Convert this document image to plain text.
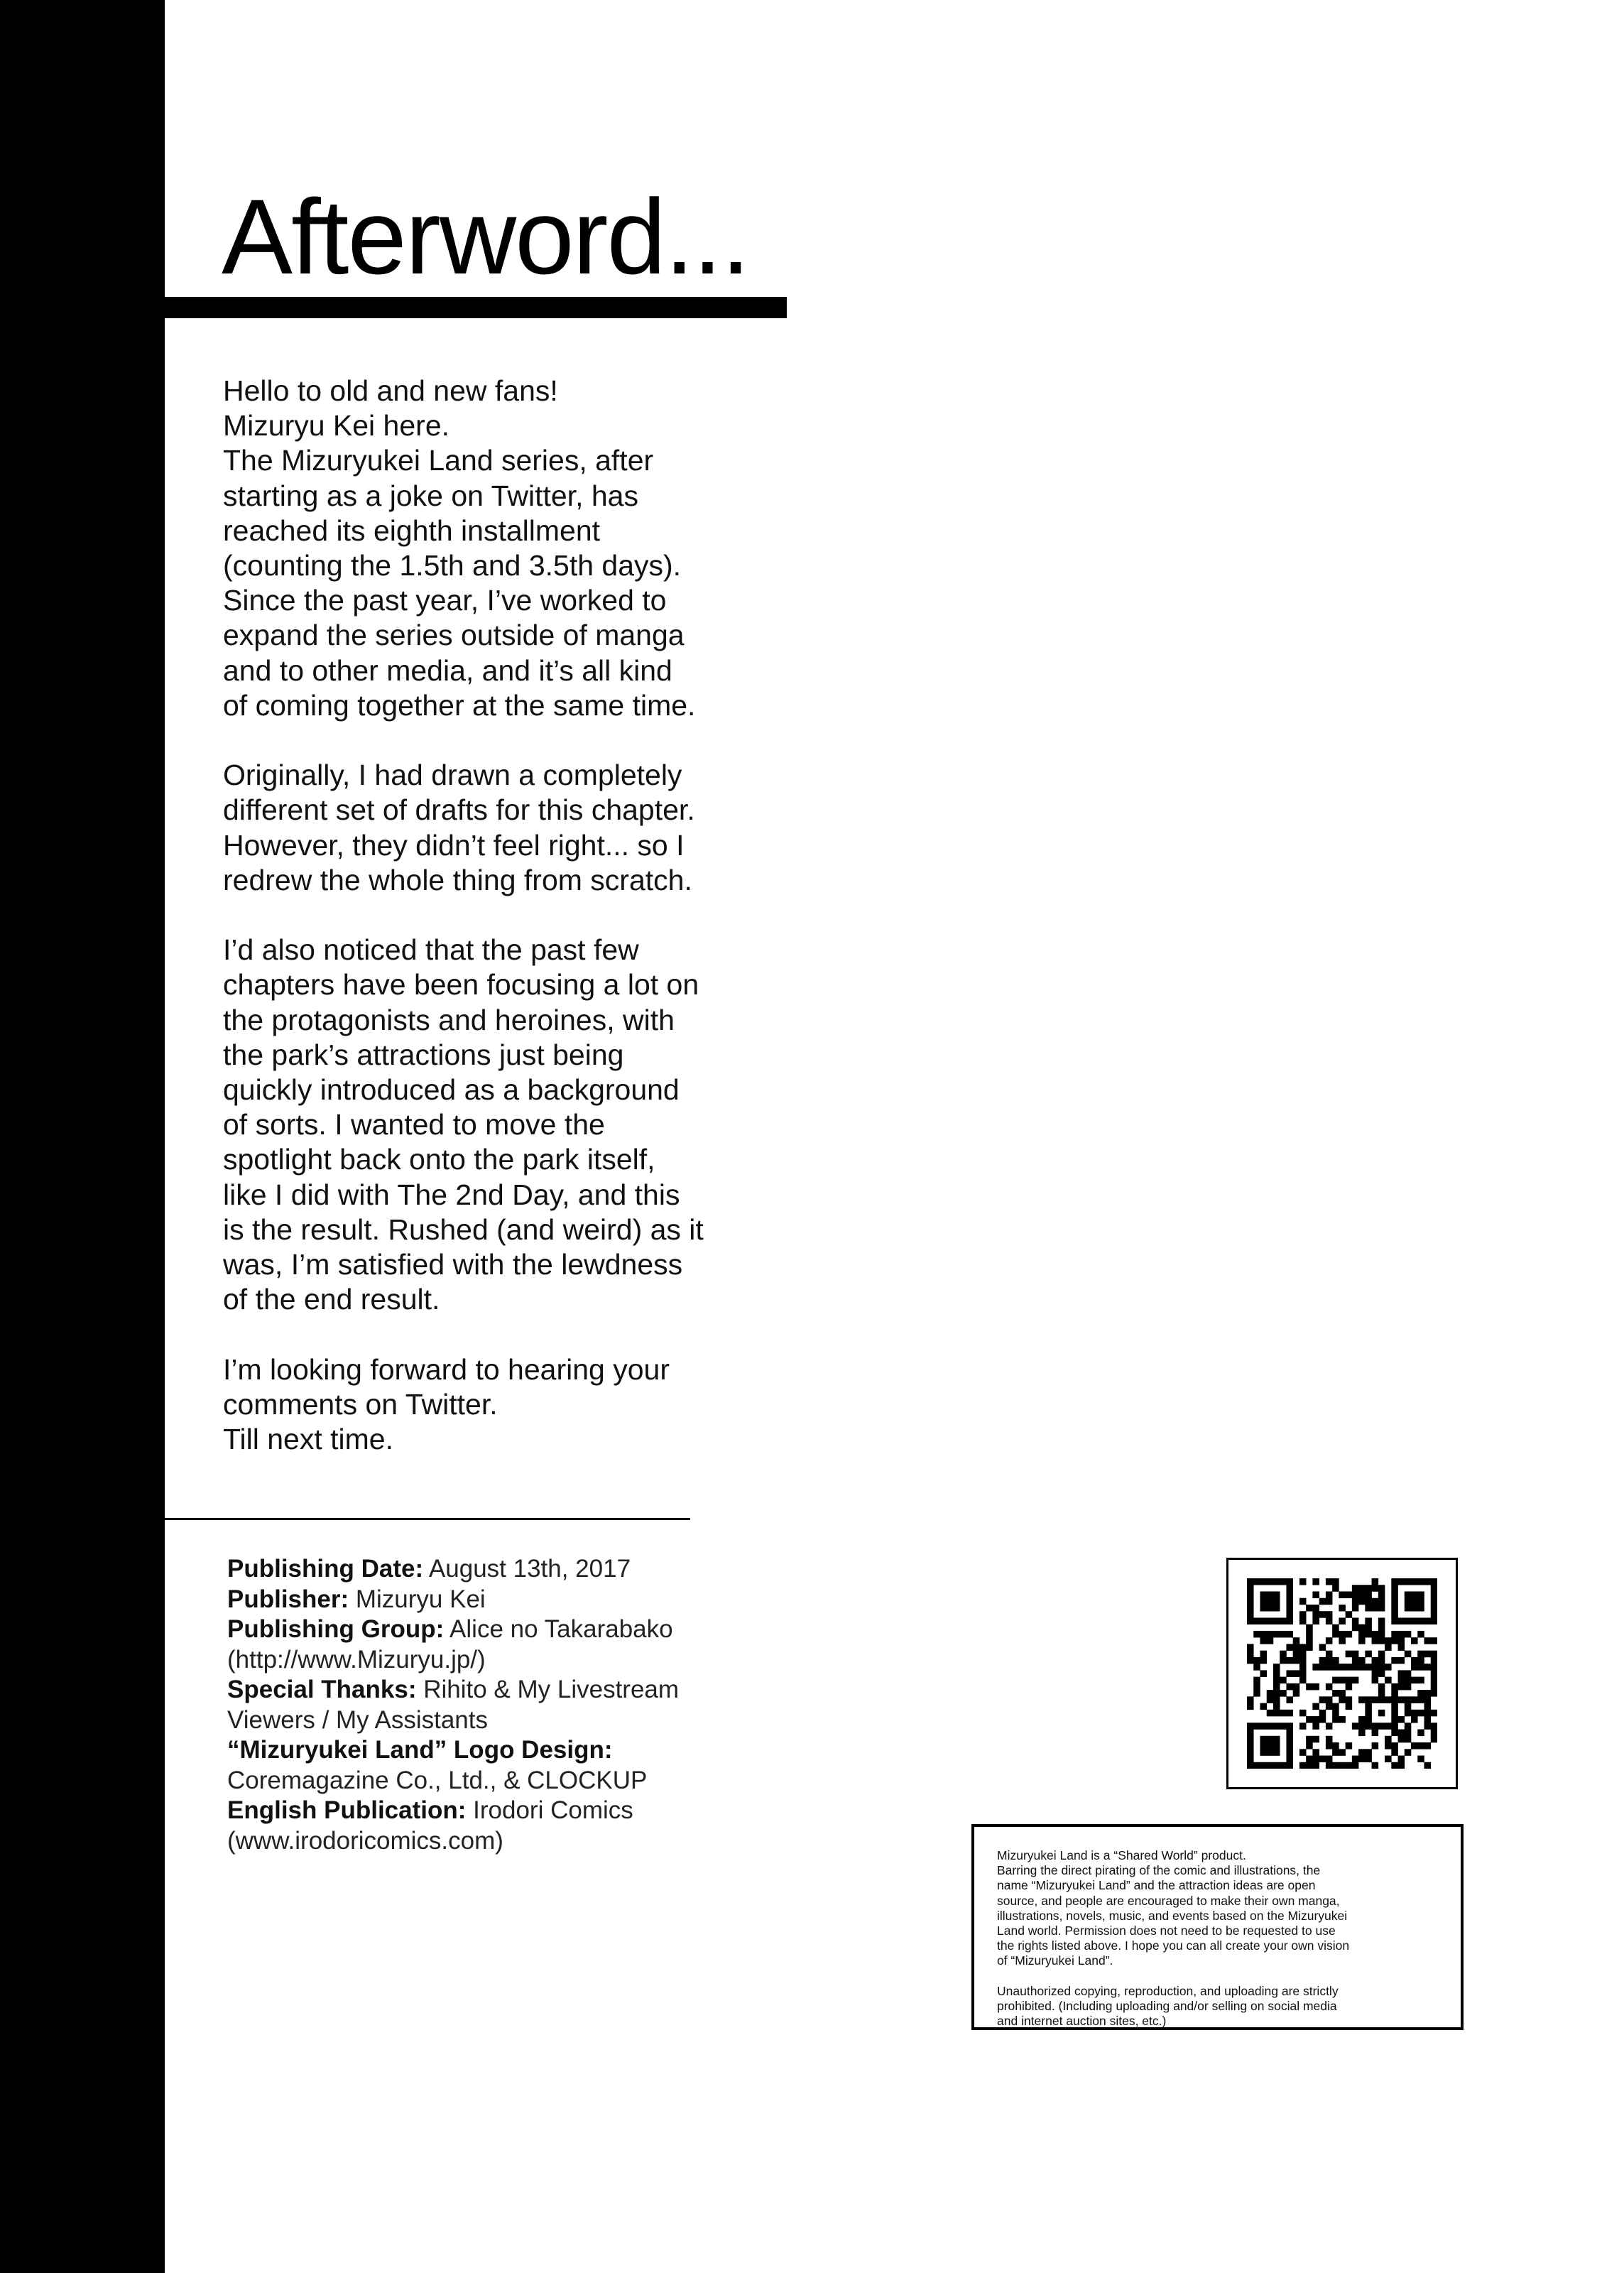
Afterword...

Hello to old and new fans!
Mizuryu Kei here.
The Mizuryukei Land series, after
starting as a joke on Twitter, has
reached its eighth installment
(counting the 1.5th and 3.5th days).
Since the past year, I’ve worked to
expand the series outside of manga
and to other media, and it’s all kind
of coming together at the same time.

Originally, I had drawn a completely
different set of drafts for this chapter.
However, they didn’t feel right... so I
redrew the whole thing from scratch.

I’d also noticed that the past few
chapters have been focusing a lot on
the protagonists and heroines, with
the park’s attractions just being
quickly introduced as a background
of sorts. I wanted to move the
spotlight back onto the park itself,
like I did with The 2nd Day, and this
is the result. Rushed (and weird) as it
was, I’m satisfied with the lewdness
of the end result.

I’m looking forward to hearing your
comments on Twitter.
Till next time.

Publishing Date: August 13th, 2017
Publisher: Mizuryu Kei
Publishing Group: Alice no Takarabako
(http://www.Mizuryu.jp/)
Special Thanks: Rihito & My Livestream
Viewers / My Assistants
“Mizuryukei Land” Logo Design:
Coremagazine Co., Ltd., & CLOCKUP
English Publication: Irodori Comics
(www.irodoricomics.com)

Mizuryukei Land is a “Shared World” product.
Barring the direct pirating of the comic and illustrations, the
name “Mizuryukei Land” and the attraction ideas are open
source, and people are encouraged to make their own manga,
illustrations, novels, music, and events based on the Mizuryukei
Land world. Permission does not need to be requested to use
the rights listed above. I hope you can all create your own vision
of “Mizuryukei Land”.

Unauthorized copying, reproduction, and uploading are strictly
prohibited. (Including uploading and/or selling on social media
and internet auction sites, etc.)
